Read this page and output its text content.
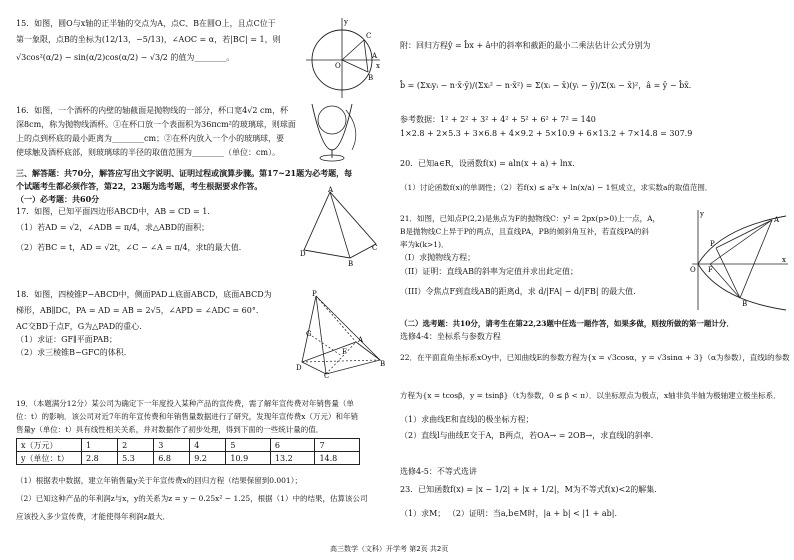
15．如图，圆O与x轴的正半轴的交点为A，点C、B在圆O上，且点C位于
第一象限，点B的坐标为(12/13，−5/13)，∠AOC = α，若|BC| = 1，则
√3cos²(α/2) − sin(α/2)cos(α/2) − √3/2 的值为________。
16．如图，一个酒杯的内壁的轴截面是抛物线的一部分，杯口宽4√2 cm，杯
深8cm，称为抛物线酒杯。①在杯口放一个表面积为36πcm²的玻璃球，则球面
上的点到杯底的最小距离为________cm；②在杯内放入一个小的玻璃球，要
使球触及酒杯底部，则玻璃球的半径的取值范围为________（单位：cm）。
三、解答题：共70分，解答应写出文字说明、证明过程或演算步骤。第17~21题为必考题，每
个试题考生都必须作答，第22，23题为选考题，考生根据要求作答。
（一）必考题：共60分
17．如图，已知平面四边形ABCD中，AB = CD = 1．
（1）若AD = √2，∠ADB = π/4，求△ABD的面积；
（2）若BC = t，AD = √2t，∠C − ∠A = π/4，求t的最大值．
18．如图，四棱锥P−ABCD中，侧面PAD⊥底面ABCD，底面ABCD为
梯形，AB∥DC，PA = AD = AB = 2√5，∠APD = ∠ADC = 60°．
AC交BD于点F，G为△PAD的重心．
（1）求证：GF∥平面PAB；
（2）求三棱锥B−GFC的体积．
19．（本题满分12分）某公司为确定下一年度投入某种产品的宣传费，需了解年宣传费对年销售量（单
位：t）的影响．该公司对近7年的年宣传费和年销售量数据进行了研究，发现年宣传费x（万元）和年销
售量y（单位：t）具有线性相关关系，并对数据作了初步处理，得到下面的一些统计量的值．
x（万元）	1	2	3	4	5	6	7
y（单位：t）	2.8	5.3	6.8	9.2	10.9	13.2	14.8
（1）根据表中数据，建立年销售量y关于年宣传费x的回归方程（结果保留到0.001）；
（2）已知这种产品的年利润z与x，y的关系为z = y − 0.25x² − 1.25，根据（1）中的结果，估算该公司
应该投入多少宣传费，才能使得年利润z最大．
y
C
O
A
x
B
A
B
D
C
P
D
C
B
A
G
F
附：回归方程ŷ = b̂x + â中的斜率和截距的最小二乘法估计公式分别为
b̂ = (Σxᵢyᵢ − n·x̄·ȳ)/(Σxᵢ² − n·x̄²) = Σ(xᵢ − x̄)(yᵢ − ȳ)/Σ(xᵢ − x̄)²，â = ȳ − b̂x̄．
参考数据：1² + 2² + 3² + 4² + 5² + 6² + 7² = 140
1×2.8 + 2×5.3 + 3×6.8 + 4×9.2 + 5×10.9 + 6×13.2 + 7×14.8 = 307.9
20．已知a∈R，设函数f(x) = aln(x + a) + lnx．
（1）讨论函数f(x)的单调性；（2）若f(x) ≤ a²x + ln(x/a) − 1恒成立，求实数a的取值范围．
21．如图，已知点P(2,2)是焦点为F的抛物线C：y² = 2px(p>0)上一点，A，
B是抛物线C上异于P的两点，且直线PA，PB的倾斜角互补，若直线PA的斜
率为k(k>1)．
（I）求抛物线方程；
（II）证明：直线AB的斜率为定值并求出此定值；
（III）令焦点F到直线AB的距离d，求 d/|FA| − d/|FB| 的最大值．
（二）选考题：共10分，请考生在第22,23题中任选一题作答，如果多做，则按所做的第一题计分．
选修4-4：坐标系与参数方程
22．在平面直角坐标系xOy中，已知曲线E的参数方程为{x = √3cosα，y = √3sinα + 3}（α为参数），直线l的参数
方程为{x = tcosβ，y = tsinβ}（t为参数，0 ≤ β < π）．以坐标原点为极点，x轴非负半轴为极轴建立极坐标系．
（1）求曲线E和直线l的极坐标方程；
（2）直线l与曲线E交于A，B两点，若OA→ = 2OB→，求直线l的斜率．
选修4-5：不等式选讲
23．已知函数f(x) = |x − 1/2| + |x + 1/2|，M为不等式f(x)<2的解集．
（1）求M； （2）证明：当a,b∈M时，|a + b| < |1 + ab|．
y
P
O F
x
A
B
高三数学（文科）开学考 第2页 共2页
